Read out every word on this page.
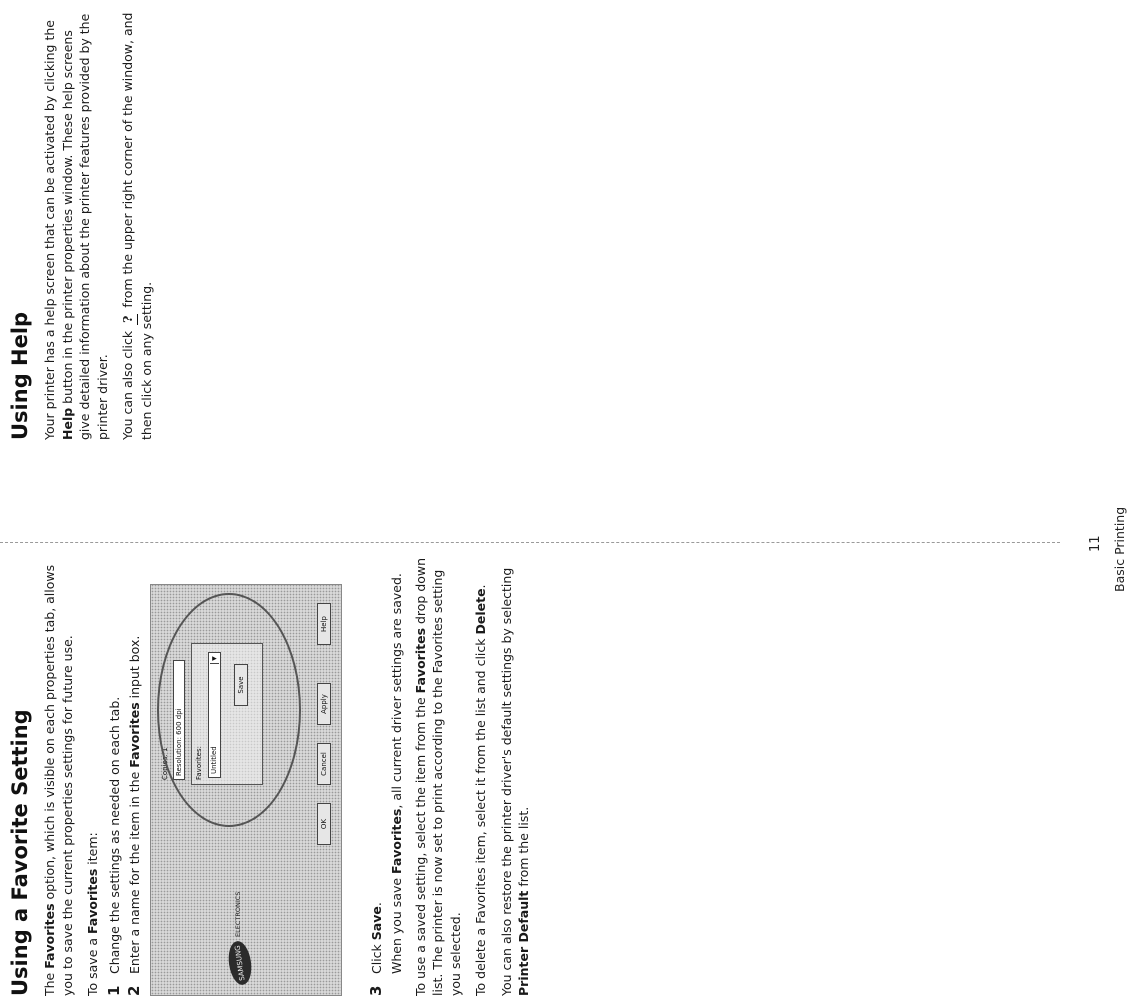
Using a Favorite Setting The Favorites option, which is visible on each properties tab, allows you to save the current properties settings for future use. To save a Favorites item:

1
Change the settings as needed on each tab.
2
Enter a name for the item in the Favorites input box.
SAMSUNG
ELECTRONICS
Copies: 1 Resolution: 600 dpi Favorites: Untitled
▼
Save
OK
Cancel
Apply
Help
3
Click Save. When you save Favorites, all current driver settings are saved.

To use a saved setting, select the item from the Favorites drop down list. The printer is now set to print according to the Favorites setting you selected. To delete a Favorites item, select it from the list and click Delete. You can also restore the printer driver's default settings by selecting Printer Default from the list.

Using Help Your printer has a help screen that can be activated by clicking the Help button in the printer properties window. These help screens give detailed information about the printer features provided by the printer driver. You can also click ? from the upper right corner of the window, and then click on any setting.

11 Basic Printing
